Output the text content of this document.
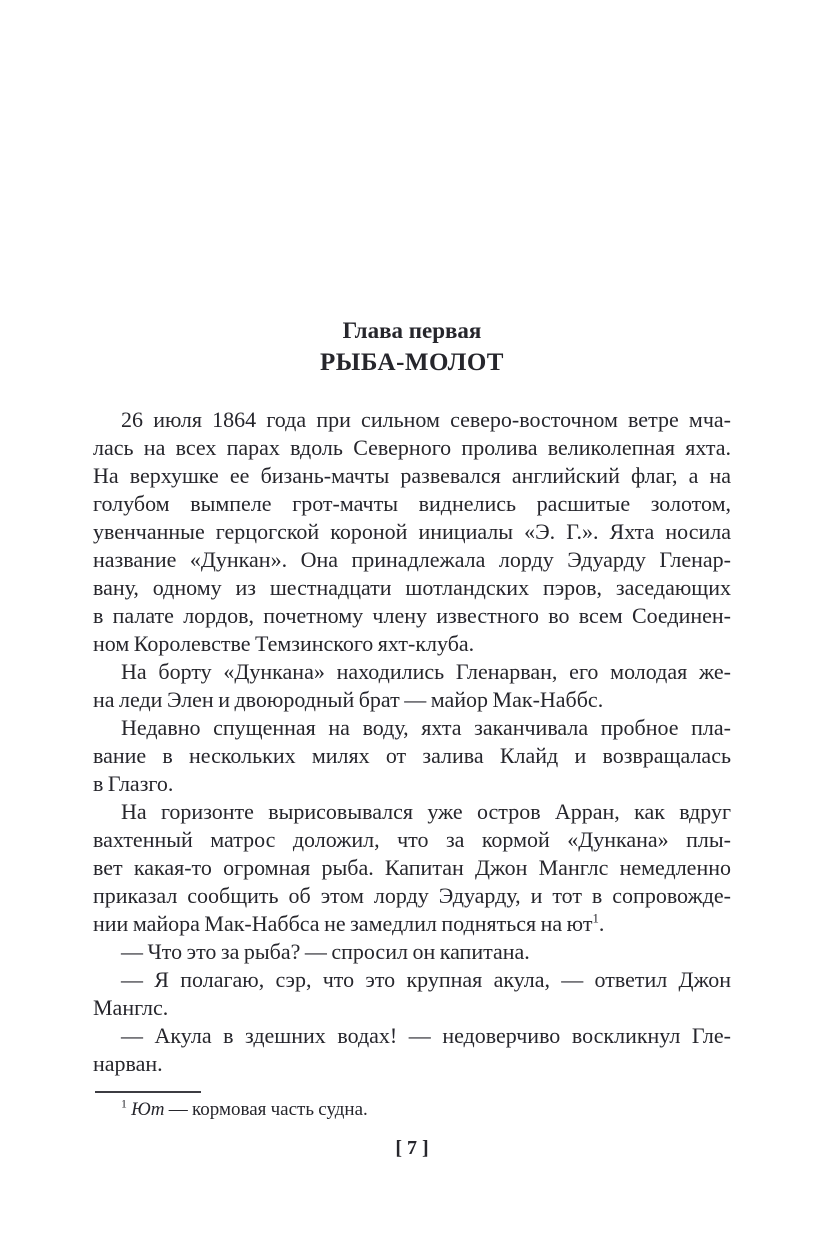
Глава первая
РЫБА-МОЛОТ

26 июля 1864 года при сильном северо-восточном ветре мча-
лась на всех парах вдоль Северного пролива великолепная яхта.
На верхушке ее бизань-мачты развевался английский флаг, а на
голубом вымпеле грот-мачты виднелись расшитые золотом,
увенчанные герцогской короной инициалы «Э. Г.». Яхта носила
название «Дункан». Она принадлежала лорду Эдуарду Гленар-
вану, одному из шестнадцати шотландских пэров, заседающих
в палате лордов, почетному члену известного во всем Соединен-
ном Королевстве Темзинского яхт-клуба.

На борту «Дункана» находились Гленарван, его молодая же-
на леди Элен и двоюродный брат — майор Мак-Наббс.

Недавно спущенная на воду, яхта заканчивала пробное пла-
вание в нескольких милях от залива Клайд и возвращалась
в Глазго.

На горизонте вырисовывался уже остров Арран, как вдруг
вахтенный матрос доложил, что за кормой «Дункана» плы-
вет какая-то огромная рыба. Капитан Джон Манглс немедленно
приказал сообщить об этом лорду Эдуарду, и тот в сопровожде-
нии майора Мак-Наббса не замедлил подняться на ют$^1$.

— Что это за рыба? — спросил он капитана.

— Я полагаю, сэр, что это крупная акула, — ответил Джон
Манглс.

— Акула в здешних водах! — недоверчиво воскликнул Гле-
нарван.

$^1$ Ют — кормовая часть судна.
[ 7 ]
